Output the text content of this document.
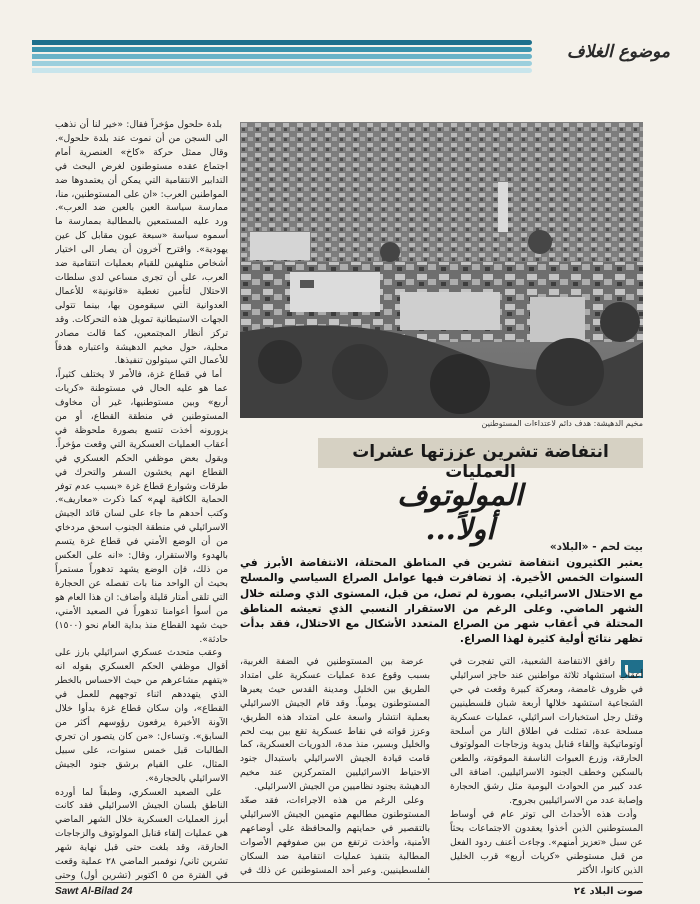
موضوع الغلاف
مخيم الدهيشة: هدف دائم لاعتداءات المستوطنين
انتفاضة تشرين عززتها عشرات العمليات
المولوتوف أولاً...
بيت لحم - «البلاد»
يعتبر الكثيرون انتفاضة تشرين في المناطق المحتلة، الانتفاضة الأبرز في السنوات الخمس الأخيرة. إذ تضافرت فيها عوامل الصراع السياسي والمسلح مع الاحتلال الاسرائيلي، بصورة لم تصل، من قبل، المستوى الذي وصلته خلال الشهر الماضي. وعلى الرغم من الاستقرار النسبي الذي تعيشه المناطق المحتلة في أعقاب شهر من الصراع المتعدد الأشكال مع الاحتلال، فقد بدأت تظهر نتائج أولية كثيرة لهذا الصراع.

بلدة حلحول مؤخراً فقال: «خير لنا أن نذهب الى السجن من أن نموت عند بلدة حلحول». وقال ممثل حركة «كاخ» العنصرية أمام اجتماع عقده مستوطنون لغرض البحث في التدابير الانتقامية التي يمكن أن يعتمدوها ضد المواطنين العرب: «ان على المستوطنين، منا، ممارسة سياسة العين بالعين ضد العرب». ورد عليه المستمعين بالمطالبة بممارسة ما أسموه سياسة «سبعة عيون مقابل كل عين يهودية». واقترح آخرون أن يصار الى اختيار أشخاص متلهفين للقيام بعمليات انتقامية ضد العرب، على أن تجرى مساعي لدى سلطات الاحتلال لتأمين تغطية «قانونية» للأعمال العدوانية التي سيقومون بها، بينما تتولى الجهات الاستيطانية تمويل هذه التحركات. وقد تركز أنظار المجتمعين، كما قالت مصادر محلية، حول مخيم الدهيشة واعتباره هدفاً للأعمال التي سيتولون تنفيذها.

أما في قطاع غزة، فالأمر لا يختلف كثيراً، عما هو عليه الحال في مستوطنة «كريات أربع» وبين مستوطنيها، غير أن مخاوف المستوطنين في منطقة القطاع، أو من يزورونه أخذت تتسع بصورة ملحوظة في أعقاب العمليات العسكرية التي وقعت مؤخراً. ويقول بعض موظفي الحكم العسكري في القطاع انهم يخشون السفر والتحرك في طرقات وشوارع قطاع غزة «بسبب عدم توفر الحماية الكافية لهم» كما ذكرت «معاريف». وكتب أحدهم ما جاء على لسان قائد الجيش الاسرائيلي في منطقة الجنوب اسحق مردخاي من أن الوضع الأمني في قطاع غزة يتسم بالهدوء والاستقرار، وقال: «انه على العكس من ذلك، فإن الوضع يشهد تدهوراً مستمراً بحيث أن الواحد منا بات تفصله عن الحجارة التي تلقى أمتار قليلة وأضاف: ان هذا العام هو من أسوأ أعوامنا تدهوراً في الصعيد الأمني، حيث شهد القطاع منذ بداية العام نحو (١٥٠٠) حادثة».

وعقب متحدث عسكري اسرائيلي بارز على أقوال موظفي الحكم العسكري بقوله انه «يتفهم مشاعرهم من حيث الاحساس بالخطر الذي يتهددهم اثناء توجههم للعمل في القطاع»، وان سكان قطاع غزة بدأوا خلال الآونة الأخيرة يرفعون رؤوسهم أكثر من السابق». وتساءل: «من كان يتصور ان تجري الطالبات قبل خمس سنوات، على سبيل المثال، على القيام برشق جنود الجيش الاسرائيلي بالحجارة».

على الصعيد العسكري، وطبقاً لما أورده الناطق بلسان الجيش الاسرائيلي فقد كانت أبرز العمليات العسكرية خلال الشهر الماضي هي عمليات إلقاء قنابل المولوتوف والزجاجات الحارقة، وقد بلغت حتى قبل نهاية شهر تشرين ثاني/ نوفمبر الماضي ٢٨ عملية وقعت في الفترة من ٥ اكتوبر (تشرين أول) وحتى

عرضة بين المستوطنين في الضفة الغربية، بسبب وقوع عدة عمليات عسكرية على امتداد الطريق بين الخليل ومدينة القدس حيث يعبرها المستوطنون يومياً. وقد قام الجيش الاسرائيلي بعملية انتشار واسعة على امتداد هذه الطريق، وعزز قواته في نقاط عسكرية تقع بين بيت لحم والخليل وبسير، منذ مدة، الدوريات العسكرية، كما قامت قيادة الجيش الاسرائيلي باستبدال جنود الاحتياط الاسرائيليين المتمركزين عند مخيم الدهيشة بجنود نظاميين من الجيش الاسرائيلي.

وعلى الرغم من هذه الاجراءات، فقد صعّد المستوطنون مطالبهم متهمين الجيش الاسرائيلي بالتقصير في حمايتهم والمحافظة على أوضاعهم الأمنية، وأخذت ترتفع من بين صفوفهم الأصوات المطالبة بتنفيذ عمليات انتقامية ضد السكان الفلسطينيين. وعبر أحد المستوطنين عن ذلك في

رافق الانتفاضة الشعبية، التي تفجرت في أعقاب استشهاد ثلاثة مواطنين عند حاجز اسرائيلي في ظروف غامضة، ومعركة كبيرة وقعت في حي الشجاعية استشهد خلالها أربعة شبان فلسطينيين وقتل رجل استخبارات اسرائيلي، عمليات عسكرية مسلحة عدة، تمثلت في اطلاق النار من أسلحة أوتوماتيكية وإلقاء قنابل يدوية وزجاجات المولوتوف الحارقة، وزرع العبوات الناسفة الموقوتة، والطعن بالسكين وخطف الجنود الاسرائيليين. اضافة الى عدد كبير من الحوادث اليومية مثل رشق الحجارة وإصابة عدد من الاسرائيليين بجروح.

وأدت هذه الأحداث الى توتر عام في أوساط المستوطنين الذين أخذوا يعقدون الاجتماعات بحثاً عن سبل «تعزيز أمنهم». وجاءت أعنف ردود الفعل من قبل مستوطني «كريات أربع» قرب الخليل الذين كانوا، الأكثر

Sawt Al-Bilad 24	صوت البلاد ٢٤
